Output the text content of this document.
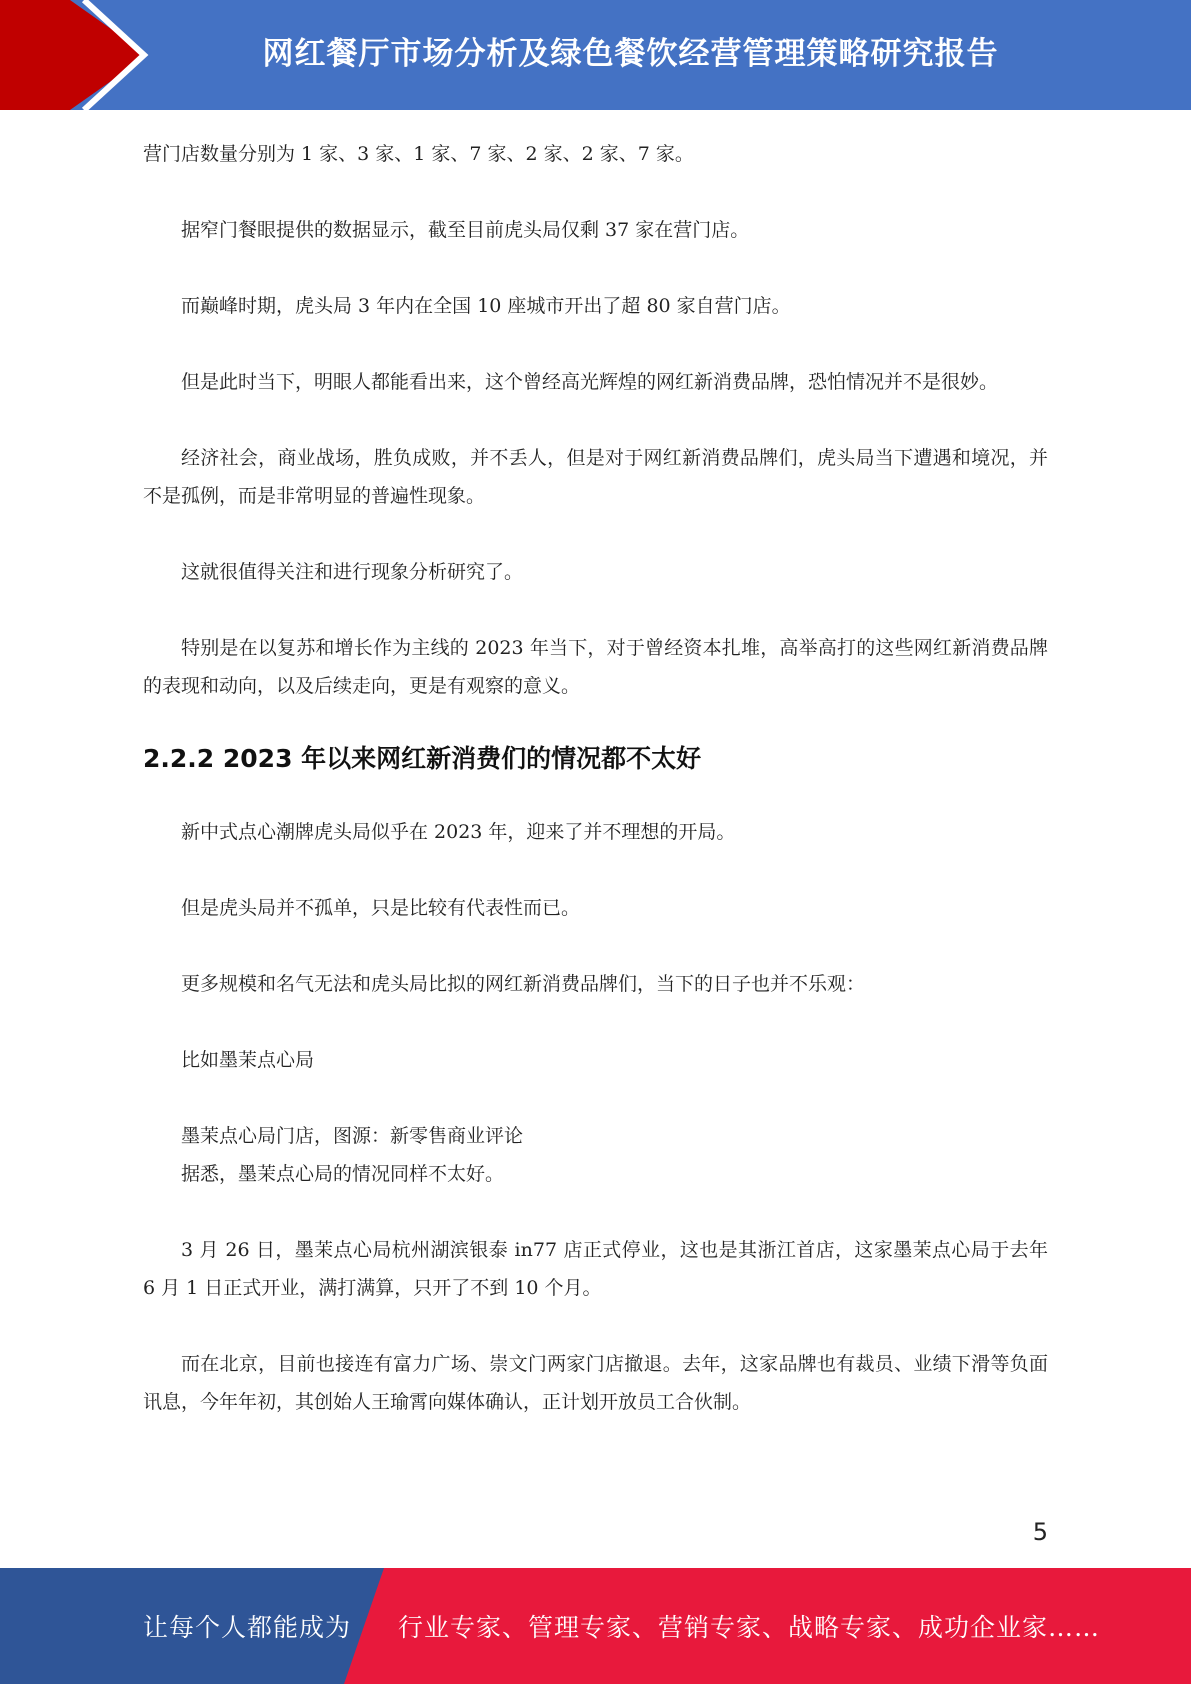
网红餐厅市场分析及绿色餐饮经营管理策略研究报告

营门店数量分别为 1 家、3 家、1 家、7 家、2 家、2 家、7 家。

据窄门餐眼提供的数据显示，截至目前虎头局仅剩 37 家在营门店。

而巅峰时期，虎头局 3 年内在全国 10 座城市开出了超 80 家自营门店。

但是此时当下，明眼人都能看出来，这个曾经高光辉煌的网红新消费品牌，恐怕情况并不是很妙。

经济社会，商业战场，胜负成败，并不丢人，但是对于网红新消费品牌们，虎头局当下遭遇和境况，并不是孤例，而是非常明显的普遍性现象。

这就很值得关注和进行现象分析研究了。

特别是在以复苏和增长作为主线的 2023 年当下，对于曾经资本扎堆，高举高打的这些网红新消费品牌的表现和动向，以及后续走向，更是有观察的意义。

2.2.2 2023 年以来网红新消费们的情况都不太好

新中式点心潮牌虎头局似乎在 2023 年，迎来了并不理想的开局。

但是虎头局并不孤单，只是比较有代表性而已。

更多规模和名气无法和虎头局比拟的网红新消费品牌们，当下的日子也并不乐观：

比如墨茉点心局

墨茉点心局门店，图源：新零售商业评论

据悉，墨茉点心局的情况同样不太好。

3 月 26 日，墨茉点心局杭州湖滨银泰 in77 店正式停业，这也是其浙江首店，这家墨茉点心局于去年 6 月 1 日正式开业，满打满算，只开了不到 10 个月。

而在北京，目前也接连有富力广场、崇文门两家门店撤退。去年，这家品牌也有裁员、业绩下滑等负面讯息，今年年初，其创始人王瑜霄向媒体确认，正计划开放员工合伙制。

5
让每个人都能成为 行业专家、管理专家、营销专家、战略专家、成功企业家……
